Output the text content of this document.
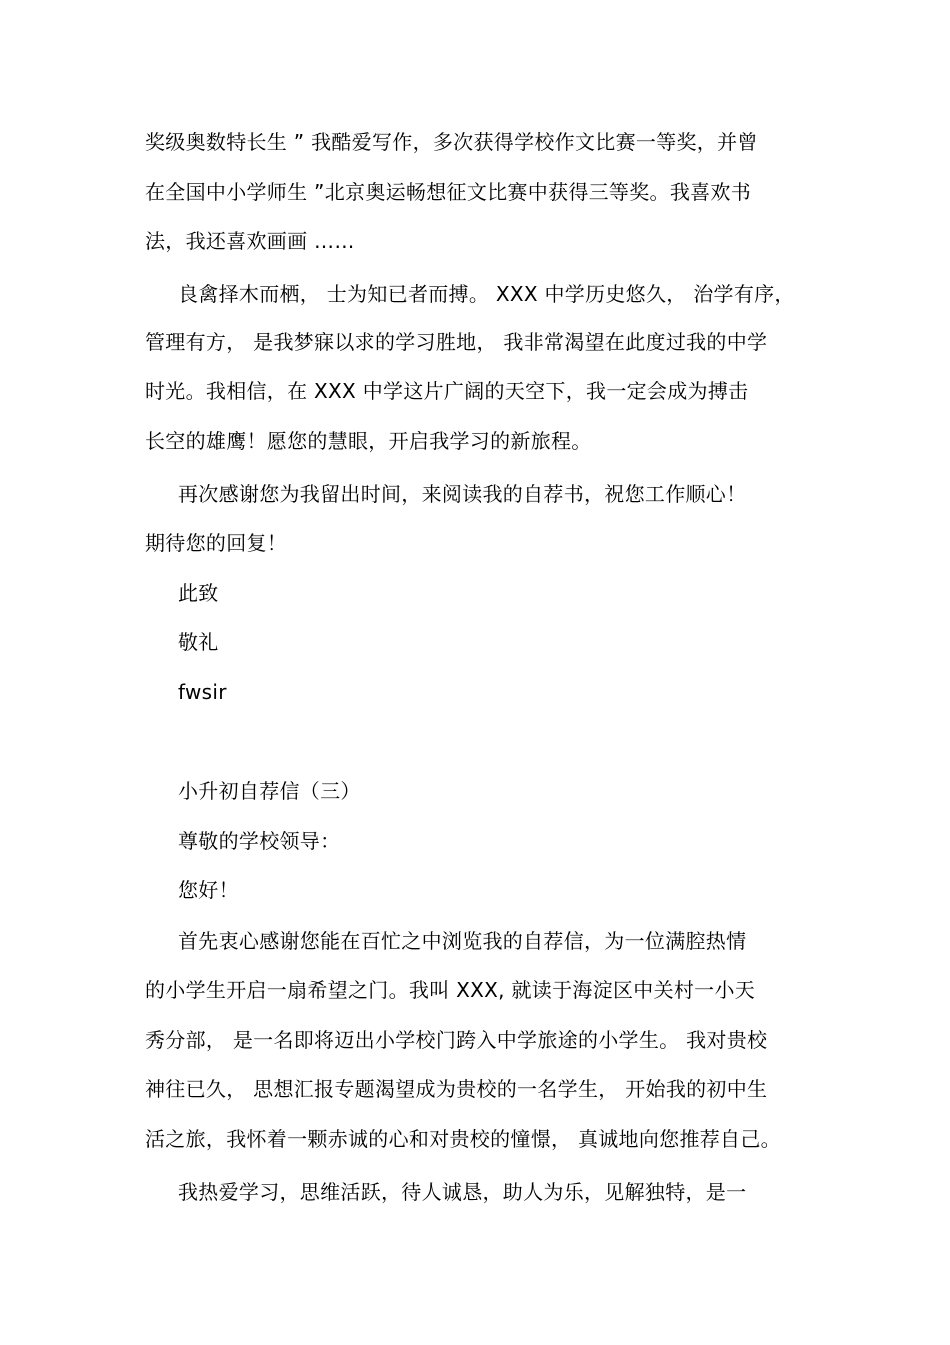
奖级奥数特长生 ” 我酷爱写作，多次获得学校作文比赛一等奖，并曾
在全国中小学师生 ”北京奥运畅想征文比赛中获得三等奖。我喜欢书
法，我还喜欢画画 ……
良禽择木而栖， 士为知已者而搏。 XXX 中学历史悠久， 治学有序，
管理有方， 是我梦寐以求的学习胜地， 我非常渴望在此度过我的中学
时光。我相信，在 XXX 中学这片广阔的天空下，我一定会成为搏击
长空的雄鹰！愿您的慧眼，开启我学习的新旅程。
再次感谢您为我留出时间，来阅读我的自荐书，祝您工作顺心！
期待您的回复！
此致
敬礼
fwsir
小升初自荐信（三）
尊敬的学校领导：
您好！
首先衷心感谢您能在百忙之中浏览我的自荐信，为一位满腔热情
的小学生开启一扇希望之门。我叫 XXX, 就读于海淀区中关村一小天
秀分部， 是一名即将迈出小学校门跨入中学旅途的小学生。 我对贵校
神往已久， 思想汇报专题渴望成为贵校的一名学生， 开始我的初中生
活之旅，我怀着一颗赤诚的心和对贵校的憧憬， 真诚地向您推荐自己。
我热爱学习，思维活跃，待人诚恳，助人为乐，见解独特，是一
